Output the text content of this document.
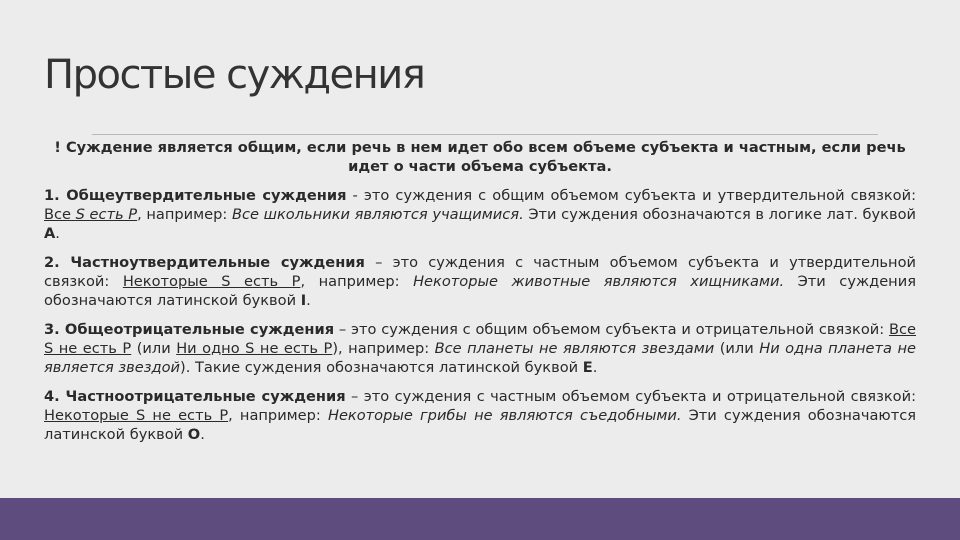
Простые суждения

! Суждение является общим, если речь в нем идет обо всем объеме субъекта и частным, если речь идет о части объема субъекта.

1. Общеутвердительные суждения - это суждения с общим объемом субъекта и утвердительной связкой: Все S есть P, например: Все школьники являются учащимися. Эти суждения обозначаются в логике лат. буквой А.

2. Частноутвердительные суждения – это суждения с частным объемом субъекта и утвердительной связкой: Некоторые S есть P, например: Некоторые животные являются хищниками. Эти суждения обозначаются латинской буквой I.

3. Общеотрицательные суждения – это суждения с общим объемом субъекта и отрицательной связкой: Все S не есть P (или Ни одно S не есть P), например: Все планеты не являются звездами (или Ни одна планета не является звездой). Такие суждения обозначаются латинской буквой Е.

4. Частноотрицательные суждения – это суждения с частным объемом субъекта и отрицательной связкой: Некоторые S не есть P, например: Некоторые грибы не являются съедобными. Эти суждения обозначаются латинской буквой О.
